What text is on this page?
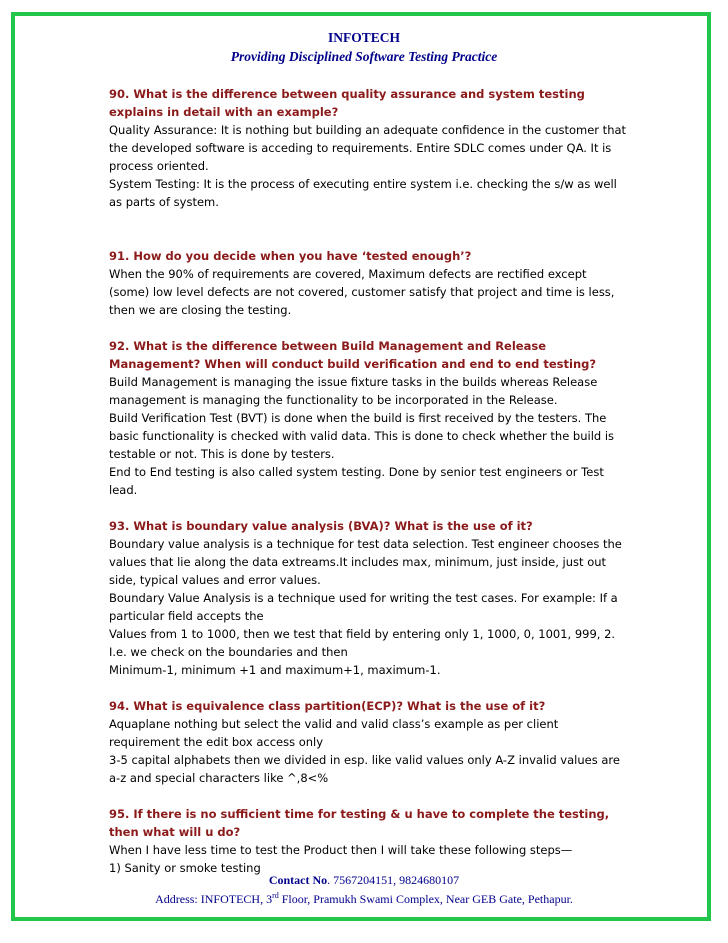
INFOTECH
Providing Disciplined Software Testing Practice
90. What is the difference between quality assurance and system testing explains in detail with an example?

Quality Assurance: It is nothing but building an adequate confidence in the customer that the developed software is acceding to requirements. Entire SDLC comes under QA. It is process oriented.

System Testing: It is the process of executing entire system i.e. checking the s/w as well as parts of system.

91. How do you decide when you have ‘tested enough’?

When the 90% of requirements are covered, Maximum defects are rectified except (some) low level defects are not covered, customer satisfy that project and time is less, then we are closing the testing.

92. What is the difference between Build Management and Release Management? When will conduct build verification and end to end testing?

Build Management is managing the issue fixture tasks in the builds whereas Release management is managing the functionality to be incorporated in the Release.

Build Verification Test (BVT) is done when the build is first received by the testers. The basic functionality is checked with valid data. This is done to check whether the build is testable or not. This is done by testers.

End to End testing is also called system testing. Done by senior test engineers or Test lead.

93. What is boundary value analysis (BVA)? What is the use of it?

Boundary value analysis is a technique for test data selection. Test engineer chooses the values that lie along the data extreams.It includes max, minimum, just inside, just out side, typical values and error values.

Boundary Value Analysis is a technique used for writing the test cases. For example: If a particular field accepts the

Values from 1 to 1000, then we test that field by entering only 1, 1000, 0, 1001, 999, 2.

I.e. we check on the boundaries and then

Minimum-1, minimum +1 and maximum+1, maximum-1.

94. What is equivalence class partition(ECP)? What is the use of it?

Aquaplane nothing but select the valid and valid class’s example as per client requirement the edit box access only

3-5 capital alphabets then we divided in esp. like valid values only A-Z invalid values are a-z and special characters like ^,8<%

95. If there is no sufficient time for testing & u have to complete the testing, then what will u do?

When I have less time to test the Product then I will take these following steps—

1) Sanity or smoke testing

Contact No. 7567204151, 9824680107
Address: INFOTECH, 3rd Floor, Pramukh Swami Complex, Near GEB Gate, Pethapur.
